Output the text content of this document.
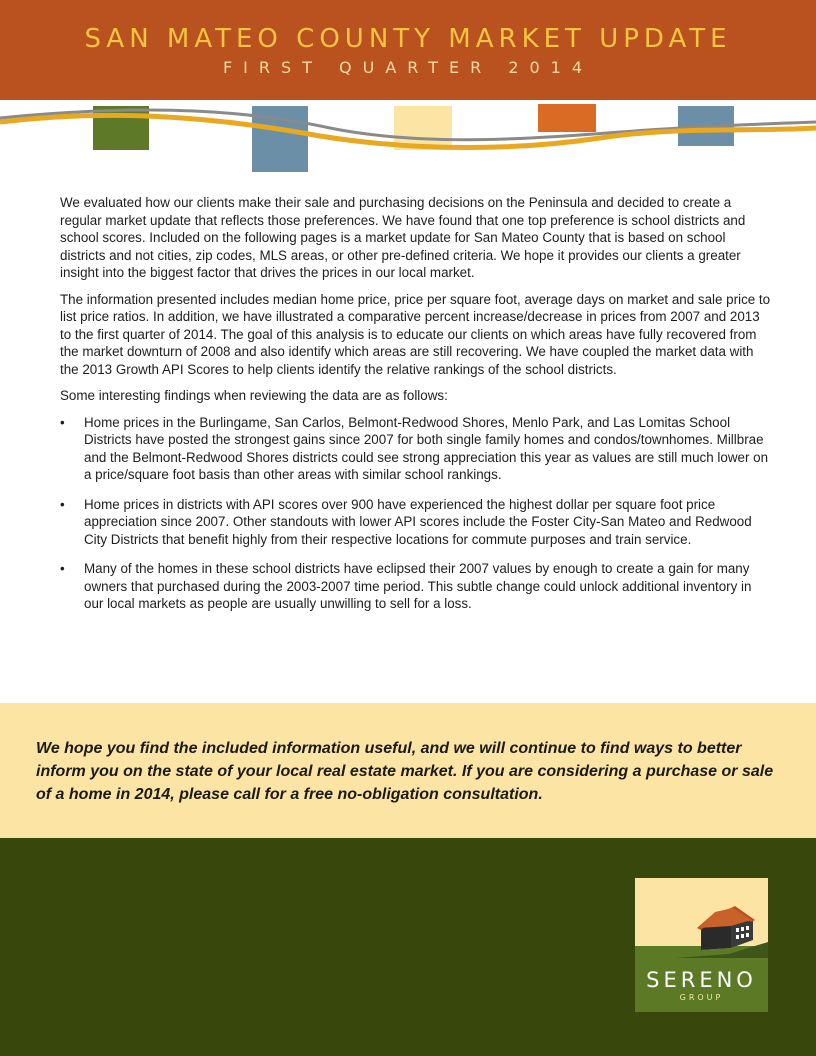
SAN MATEO COUNTY MARKET UPDATE
FIRST QUARTER 2014

We evaluated how our clients make their sale and purchasing decisions on the Peninsula and decided to create a regular market update that reflects those preferences. We have found that one top preference is school districts and school scores. Included on the following pages is a market update for San Mateo County that is based on school districts and not cities, zip codes, MLS areas, or other pre-defined criteria. We hope it provides our clients a greater insight into the biggest factor that drives the prices in our local market.

The information presented includes median home price, price per square foot, average days on market and sale price to list price ratios. In addition, we have illustrated a comparative percent increase/decrease in prices from 2007 and 2013 to the first quarter of 2014. The goal of this analysis is to educate our clients on which areas have fully recovered from the market downturn of 2008 and also identify which areas are still recovering. We have coupled the market data with the 2013 Growth API Scores to help clients identify the relative rankings of the school districts.

Some interesting findings when reviewing the data are as follows:

• Home prices in the Burlingame, San Carlos, Belmont-Redwood Shores, Menlo Park, and Las Lomitas School Districts have posted the strongest gains since 2007 for both single family homes and condos/townhomes. Millbrae and the Belmont-Redwood Shores districts could see strong appreciation this year as values are still much lower on a price/square foot basis than other areas with similar school rankings.
• Home prices in districts with API scores over 900 have experienced the highest dollar per square foot price appreciation since 2007. Other standouts with lower API scores include the Foster City-San Mateo and Redwood City Districts that benefit highly from their respective locations for commute purposes and train service.
• Many of the homes in these school districts have eclipsed their 2007 values by enough to create a gain for many owners that purchased during the 2003-2007 time period. This subtle change could unlock additional inventory in our local markets as people are usually unwilling to sell for a loss.
We hope you find the included information useful, and we will continue to find ways to better inform you on the state of your local real estate market. If you are considering a purchase or sale of a home in 2014, please call for a free no-obligation consultation.
SERENO
GROUP
